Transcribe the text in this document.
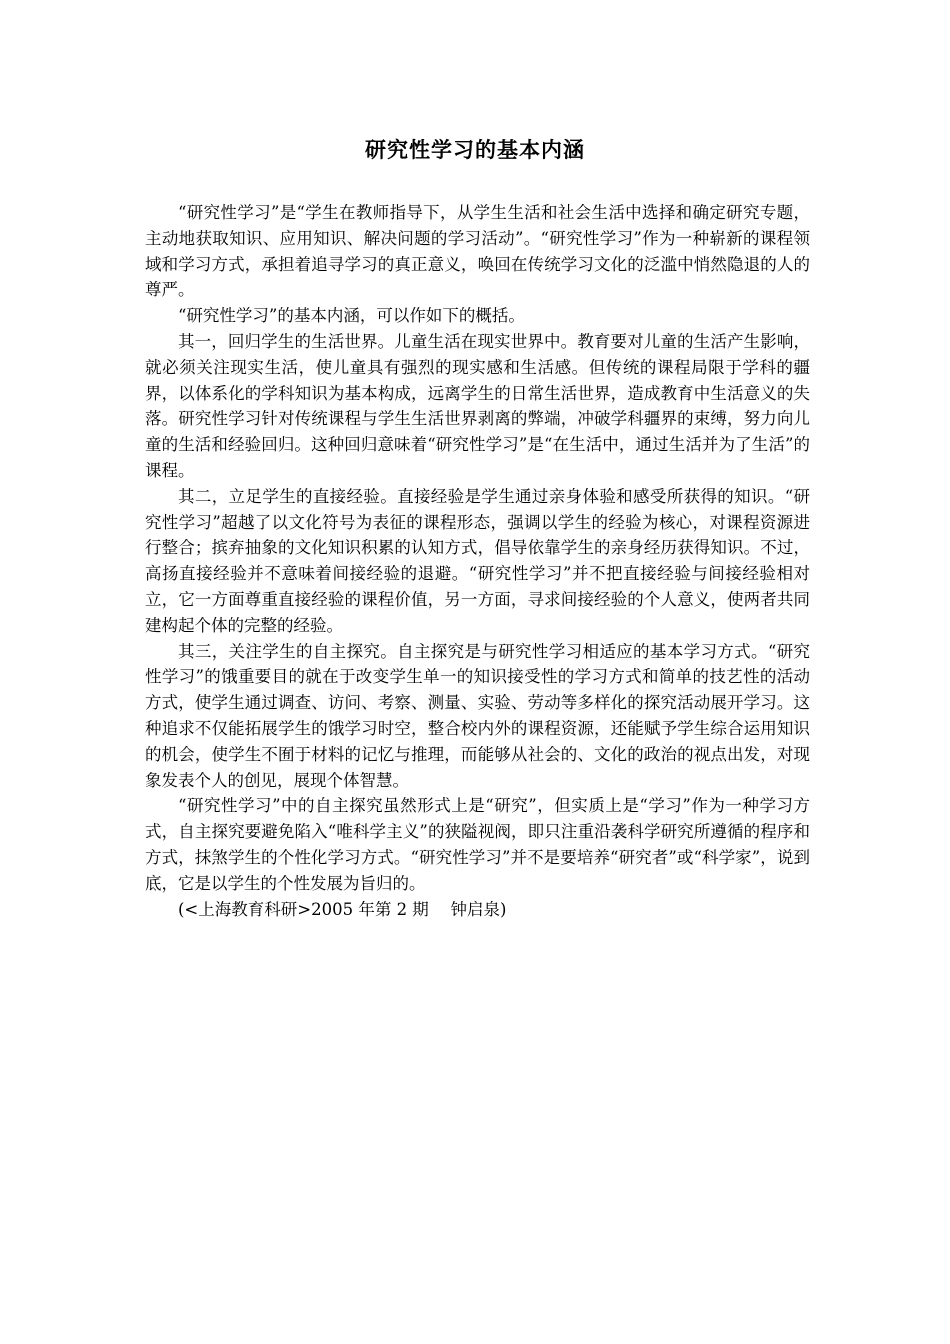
研究性学习的基本内涵

“研究性学习”是“学生在教师指导下，从学生生活和社会生活中选择和确定研究专题，主动地获取知识、应用知识、解决问题的学习活动”。“研究性学习”作为一种崭新的课程领域和学习方式，承担着追寻学习的真正意义，唤回在传统学习文化的泛滥中悄然隐退的人的尊严。

“研究性学习”的基本内涵，可以作如下的概括。

其一，回归学生的生活世界。儿童生活在现实世界中。教育要对儿童的生活产生影响，就必须关注现实生活，使儿童具有强烈的现实感和生活感。但传统的课程局限于学科的疆界，以体系化的学科知识为基本构成，远离学生的日常生活世界，造成教育中生活意义的失落。研究性学习针对传统课程与学生生活世界剥离的弊端，冲破学科疆界的束缚，努力向儿童的生活和经验回归。这种回归意味着“研究性学习”是“在生活中，通过生活并为了生活”的课程。

其二，立足学生的直接经验。直接经验是学生通过亲身体验和感受所获得的知识。“研究性学习”超越了以文化符号为表征的课程形态，强调以学生的经验为核心，对课程资源进行整合；摈弃抽象的文化知识积累的认知方式，倡导依靠学生的亲身经历获得知识。不过，高扬直接经验并不意味着间接经验的退避。“研究性学习”并不把直接经验与间接经验相对立，它一方面尊重直接经验的课程价值，另一方面，寻求间接经验的个人意义，使两者共同建构起个体的完整的经验。

其三，关注学生的自主探究。自主探究是与研究性学习相适应的基本学习方式。“研究性学习”的饿重要目的就在于改变学生单一的知识接受性的学习方式和简单的技艺性的活动方式，使学生通过调查、访问、考察、测量、实验、劳动等多样化的探究活动展开学习。这种追求不仅能拓展学生的饿学习时空，整合校内外的课程资源，还能赋予学生综合运用知识的机会，使学生不囿于材料的记忆与推理，而能够从社会的、文化的政治的视点出发，对现象发表个人的创见，展现个体智慧。

“研究性学习”中的自主探究虽然形式上是“研究”，但实质上是“学习”作为一种学习方式，自主探究要避免陷入“唯科学主义”的狭隘视阀，即只注重沿袭科学研究所遵循的程序和方式，抹煞学生的个性化学习方式。“研究性学习”并不是要培养“研究者”或“科学家”，说到底，它是以学生的个性发展为旨归的。

(<上海教育科研>2005 年第 2 期　 钟启泉)
